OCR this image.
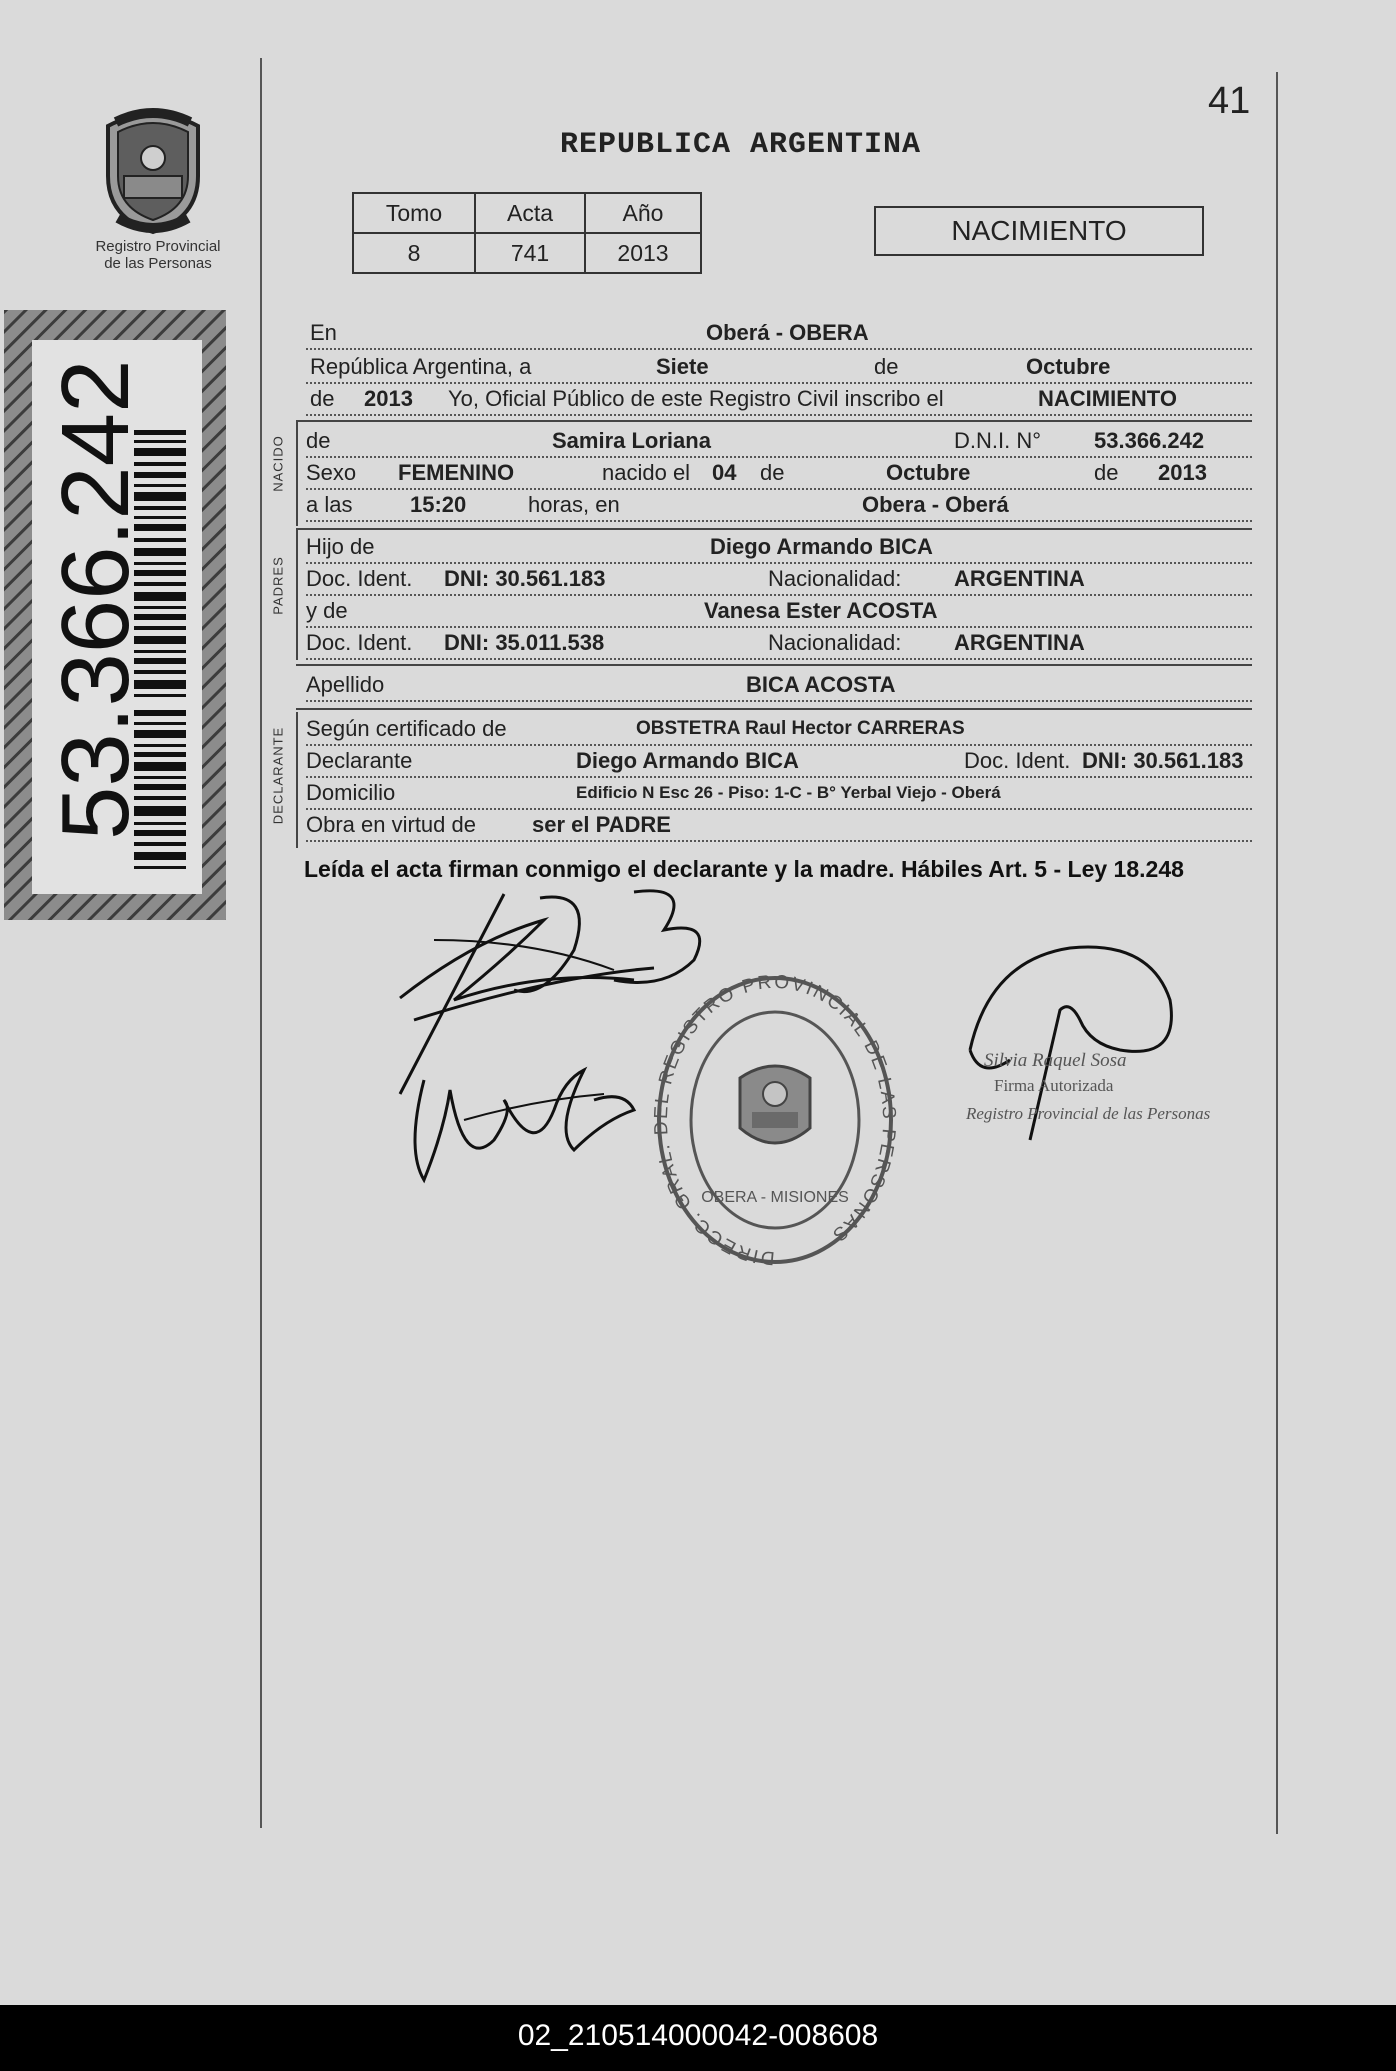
Registro Provincial
de las Personas
53.366.242
41
REPUBLICA ARGENTINA
Tomo	Acta	Año
8	741	2013
NACIMIENTO
En	Oberá - OBERA
República Argentina, a	Siete	de	Octubre
de 2013 Yo, Oficial Público de este Registro Civil inscribo el	NACIMIENTO
NACIDO de	Samira Loriana	D.N.I. N° 53.366.242
Sexo FEMENINO	nacido el 04 de	Octubre	de 2013
a las	15:20	horas, en	Obera - Oberá
PADRES
Hijo de	Diego Armando BICA
Doc. Ident. DNI: 30.561.183	Nacionalidad: ARGENTINA
y de	Vanesa Ester ACOSTA
Doc. Ident. DNI: 35.011.538	Nacionalidad: ARGENTINA
Apellido	BICA ACOSTA
DECLARANTE Según certificado de	OBSTETRA Raul Hector CARRERAS
Declarante	Diego Armando BICA	Doc. Ident. DNI: 30.561.183
Domicilio	Edificio N Esc 26 - Piso: 1-C - B° Yerbal Viejo - Oberá
Obra en virtud de	ser el PADRE
Leída el acta firman conmigo el declarante y la madre. Hábiles Art. 5 - Ley 18.248
DIRECC. GRAL. DEL REGISTRO PROVINCIAL DE LAS PERSONAS
OBERA - MISIONES
Silvia Raquel Sosa
Firma Autorizada
Registro Provincial de las Personas
02_210514000042-008608
